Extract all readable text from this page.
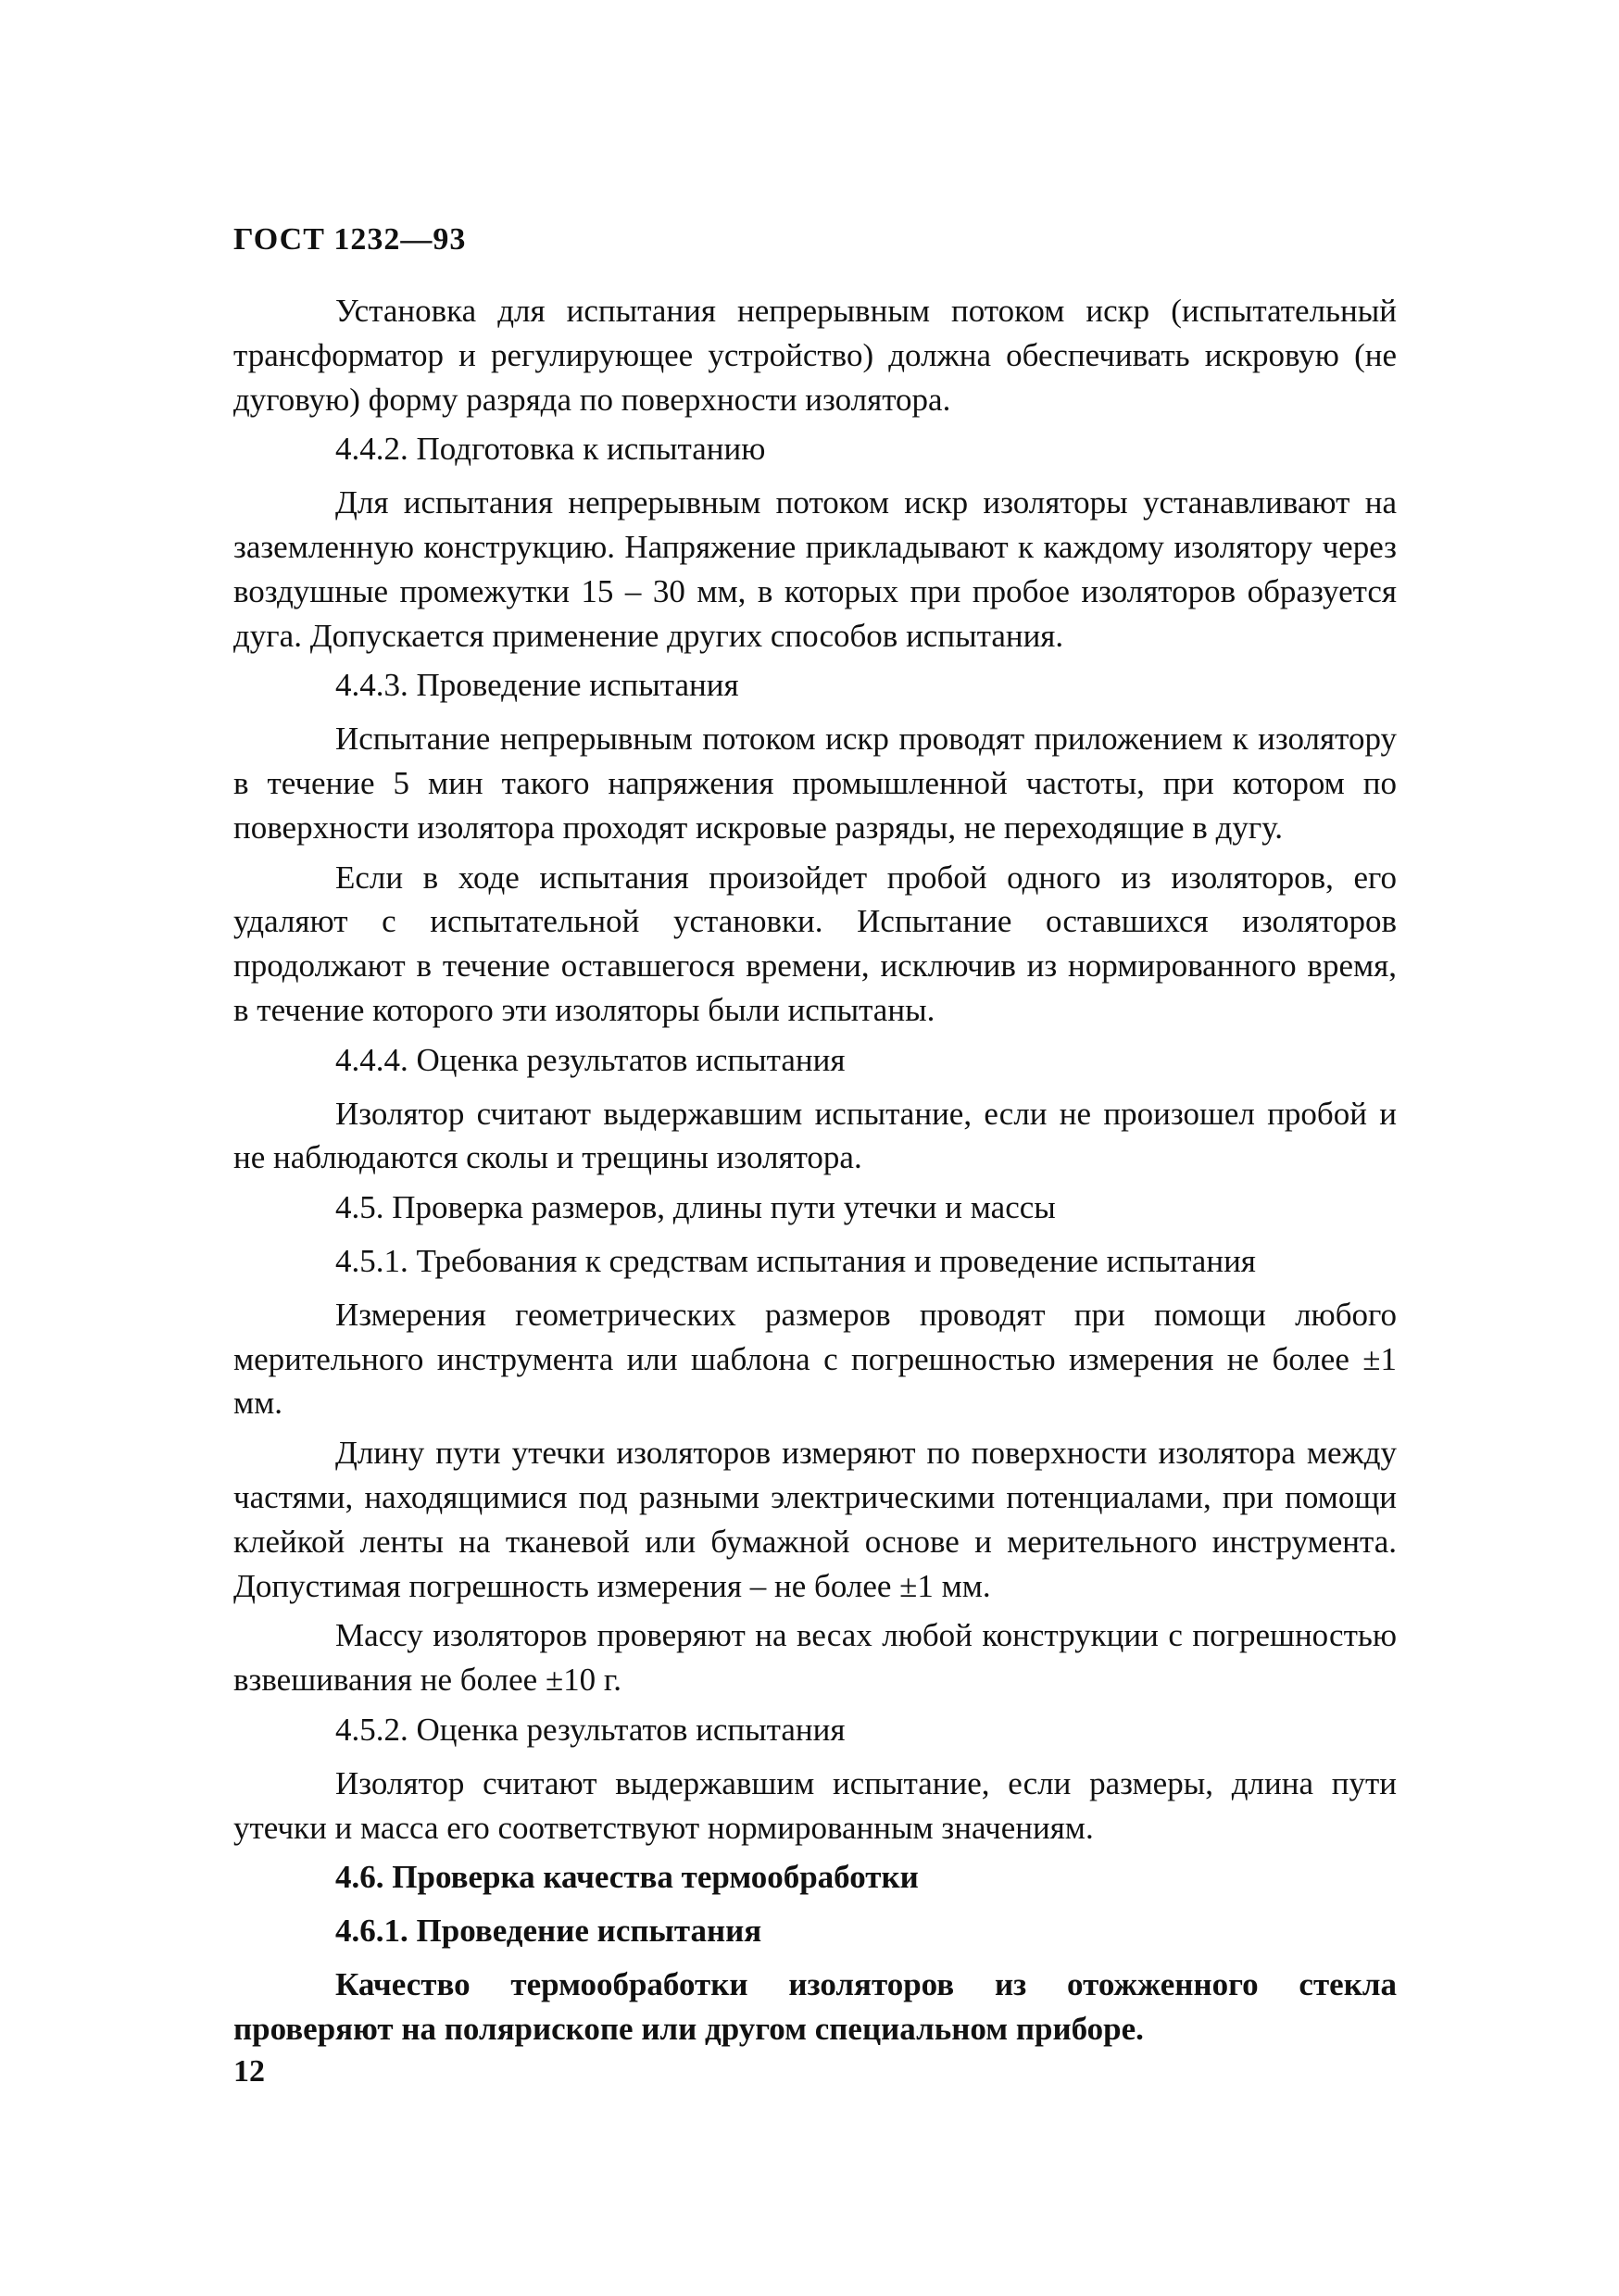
ГОСТ 1232—93

Установка для испытания непрерывным потоком искр (испытательный трансформатор и регулирующее устройство) должна обеспечивать искровую (не дуговую) форму разряда по поверхности изолятора.

4.4.2. Подготовка к испытанию

Для испытания непрерывным потоком искр изоляторы устанавливают на заземленную конструкцию. Напряжение прикладывают к каждому изолятору через воздушные промежутки 15 – 30 мм, в которых при пробое изоляторов образуется дуга. Допускается применение других способов испытания.

4.4.3. Проведение испытания

Испытание непрерывным потоком искр проводят приложением к изолятору в течение 5 мин такого напряжения промышленной частоты, при котором по поверхности изолятора проходят искровые разряды, не переходящие в дугу.

Если в ходе испытания произойдет пробой одного из изоляторов, его удаляют с испытательной установки. Испытание оставшихся изоляторов продолжают в течение оставшегося времени, исключив из нормированного время, в течение которого эти изоляторы были испытаны.

4.4.4. Оценка результатов испытания

Изолятор считают выдержавшим испытание, если не произошел пробой и не наблюдаются сколы и трещины изолятора.

4.5. Проверка размеров, длины пути утечки и массы

4.5.1. Требования к средствам испытания и проведение испытания

Измерения геометрических размеров проводят при помощи любого мерительного инструмента или шаблона с погрешностью измерения не более ±1 мм.

Длину пути утечки изоляторов измеряют по поверхности изолятора между частями, находящимися под разными электрическими потенциалами, при помощи клейкой ленты на тканевой или бумажной основе и мерительного инструмента. Допустимая погрешность измерения – не более ±1 мм.

Массу изоляторов проверяют на весах любой конструкции с погрешностью взвешивания не более ±10 г.

4.5.2. Оценка результатов испытания

Изолятор считают выдержавшим испытание, если размеры, длина пути утечки и масса его соответствуют нормированным значениям.

4.6. Проверка качества термообработки

4.6.1. Проведение испытания

Качество термообработки изоляторов из отожженного стекла проверяют на полярископе или другом специальном приборе.

12
